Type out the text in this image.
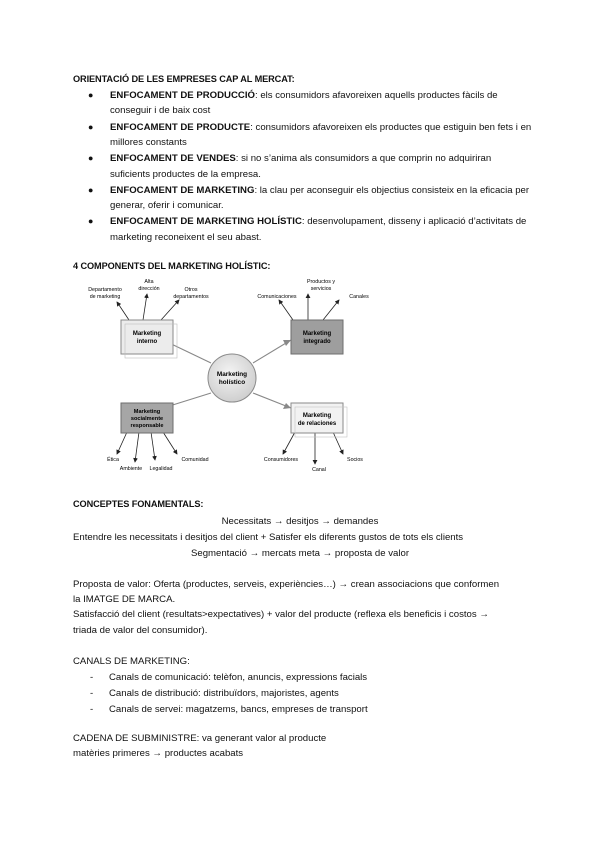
ORIENTACIÓ DE LES EMPRESES CAP AL MERCAT:
● ENFOCAMENT DE PRODUCCIÓ: els consumidors afavoreixen aquells productes fàcils de conseguir i de baix cost
● ENFOCAMENT DE PRODUCTE: consumidors afavoreixen els productes que estiguin ben fets i en millores constants
● ENFOCAMENT DE VENDES: si no s’anima als consumidors a que comprin no adquiriran suficients productes de la empresa.
● ENFOCAMENT DE MARKETING: la clau per aconseguir els objectius consisteix en la eficacia per generar, oferir i comunicar.
● ENFOCAMENT DE MARKETING HOLÍSTIC: desenvolupament, disseny i aplicació d’activitats de marketing reconeixent el seu abast.
4 COMPONENTS DEL MARKETING HOLÍSTIC:
Marketing
interno
Marketing
integrado
Marketing
socialmente
responsable
Marketing
de relaciones
Marketing
holístico
Departamento
de marketing
Alta
dirección	Otros
departamentos	Comunicaciones
Productos y
servicios
Canales
Ética
Ambiente Legalidad
Comunidad	Consumidores
Canal
Socios
CONCEPTES FONAMENTALS:
Necessitats → desitjos → demandes
Entendre les necessitats i desitjos del client + Satisfer els diferents gustos de tots els clients
Segmentació → mercats meta → proposta de valor
Proposta de valor: Oferta (productes, serveis, experiències…) → crean associacions que conformen
la IMATGE DE MARCA.
Satisfacció del client (resultats>expectatives) + valor del producte (reflexa els beneficis i costos →
triada de valor del consumidor).
CANALS DE MARKETING:
- Canals de comunicació: telèfon, anuncis, expressions facials
- Canals de distribució: distribuïdors, majoristes, agents
- Canals de servei: magatzems, bancs, empreses de transport
CADENA DE SUBMINISTRE: va generant valor al producte
matèries primeres → productes acabats
